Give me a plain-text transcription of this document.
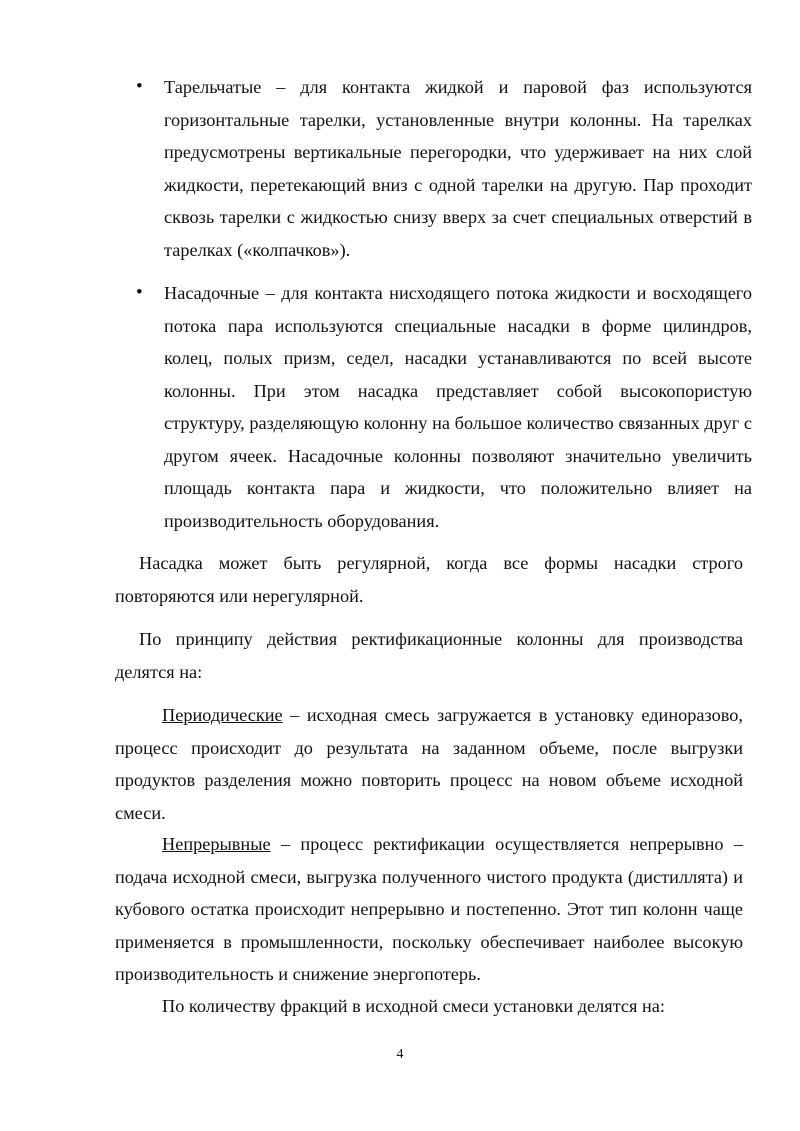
• Тарельчатые – для контакта жидкой и паровой фаз используются горизонтальные тарелки, установленные внутри колонны. На тарелках предусмотрены вертикальные перегородки, что удерживает на них слой жидкости, перетекающий вниз с одной тарелки на другую. Пар проходит сквозь тарелки с жидкостью снизу вверх за счет специальных отверстий в тарелках («колпачков»).
• Насадочные – для контакта нисходящего потока жидкости и восходящего потока пара используются специальные насадки в форме цилиндров, колец, полых призм, седел, насадки устанавливаются по всей высоте колонны. При этом насадка представляет собой высокопористую структуру, разделяющую колонну на большое количество связанных друг с другом ячеек. Насадочные колонны позволяют значительно увеличить площадь контакта пара и жидкости, что положительно влияет на производительность оборудования.

Насадка может быть регулярной, когда все формы насадки строго повторяются или нерегулярной.

По принципу действия ректификационные колонны для производства делятся на:

Периодические – исходная смесь загружается в установку единоразово, процесс происходит до результата на заданном объеме, после выгрузки продуктов разделения можно повторить процесс на новом объеме исходной смеси.

Непрерывные – процесс ректификации осуществляется непрерывно – подача исходной смеси, выгрузка полученного чистого продукта (дистиллята) и кубового остатка происходит непрерывно и постепенно. Этот тип колонн чаще применяется в промышленности, поскольку обеспечивает наиболее высокую производительность и снижение энергопотерь.

По количеству фракций в исходной смеси установки делятся на:

4
